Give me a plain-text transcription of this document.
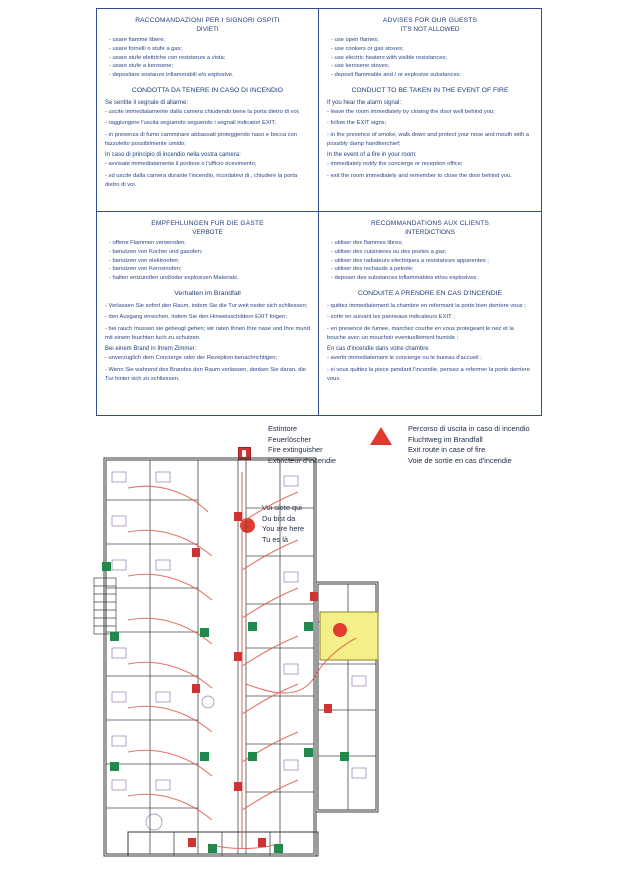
RACCOMANDAZIONI PER I SIGNORI OSPITI
DIVIETI
- usare fiamme libere;
- usare fornelli o stufe a gas;
- usare stufe elettriche con resistenze a vista;
- usare stufe a kerosene;
- depositare sostanze infiammabili e/o esplosive.
CONDOTTA DA TENERE IN CASO DI INCENDIO
Se sentite il segnale di allarme:
- uscite immediatamente dalla camera chiudendo bene la porta dietro di voi;
- raggiungere l'uscita seguendo seguendo i segnali indicatori EXIT;
- in presenza di fumo camminare abbassati proteggendo naso e bocca con fazzoletto possibilmente umido;
In caso di principio di incendio nella vostra camera:
- avvisate immediatamente il portiere o l'ufficio ricevimento;
- sd uscite dalla camera durante l'incendio, ricordatevi di , chiudere la porta dietro di voi.
ADVISES FOR OUR GUESTS
IT'S NOT ALLOWED
- use open flames;
- use cookers or gas stoves;
- use electric heaters with visible resistances;
- use kerosene stoves;
- deposit flammable and / or explosive substances.
CONDUCT TO BE TAKEN IN THE EVENT OF FIRE
If you hear the alarm signal:
- leave the room immediately by closing the door well behind you;
- follow the EXIT signs;
- in the presence of smoke, walk down and protect your nose and mouth with a possibly damp handkerchief;
In the event of a fire in your room:
- immediately notify the concierge or reception office;
- exit the room immediately and remember to close the door behind you.
EMPFEHLUNGEN FUR DIE GASTE
VERBOTE
- offene Flammen verwenden;
- benutzen von Kocher und gasofen;
- benutzen von elektroofen;
- benutzen von Kerosinofen;
- halten entzundlen und/oder explosiven Materials.
Verhalten im Brandfall
- Verlassen Sie sofort den Raum, indem Sie die Tur weit neder sich schliessen;
- den Ausgang erreichen, indem Sie den Hinweisschildern EXIT folgen;
- bei rauch mussen sie gebeugt gehen; wir raten Ihnen Ihre nase und Ihre mund mit einem feuchten tuch zu schutzen.
Bei einem Brand in Ihrem Zimmer:
- unverzuglich dem Concierge oder der Rezeption benachrichtigen;
- Wenn Sie wahrend des Brandes den Raum verlassen, denken Sie daran, die Tur hinter sich zu schliessen.
RECOMMANDATIONS AUX CLIENTS
INTERDICTIONS
- utiliser des flammes libres;
- utiliser des cuisinieres ou des poeles a gaz;
- utiliser des radiateurs electriques a resistances apparentes ;
- utiliser des rechauds a petrole;
- deposer des substances inflammables et/ou explosives.
CONDUITE A PRENDRE EN CAS D'INCENDIE
- quittez immediatement la chambre en refermant la porte bien derriere vous ;
- sortir en suivant les panneaux indicateurs EXIT ;
- en presence de fumee, marchez courbe en vous protegeant le nez et la bouche avec un mouchoir eventuellement humide ;
En cas d'incendie dans votre chambre
- avertir immediatement le concierge ou le bureau d'accueil ;
- si vous quittez la piece pendant l'incendie, pensez a refermer la porte derriere vous.
Estintore
Feuerlöscher
Fire extinguisher
Extincteur d'incendie
Percorso di uscita in caso di incendio
Fluchtweg im Brandfall
Exit route in case of fire
Voie de sortie en cas d'incendie
Voi siete qui
Du bist da
You are here
Tu es là
